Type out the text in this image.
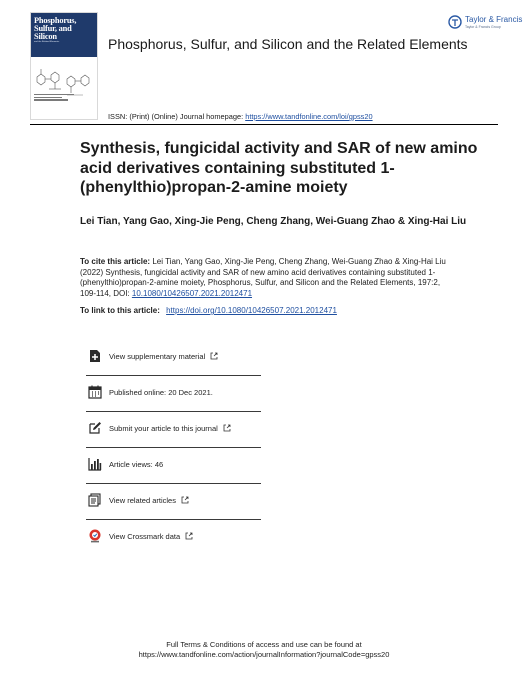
Phosphorus,
Sulfur, and
Silicon
and the Related Elements	Phosphorus, Sulfur, and Silicon and the Related Elements
Taylor & Francis
Taylor & Francis Group
ISSN: (Print) (Online) Journal homepage: https://www.tandfonline.com/loi/gpss20
Synthesis, fungicidal activity and SAR of new amino acid derivatives containing substituted 1-(phenylthio)propan-2-amine moiety
Lei Tian, Yang Gao, Xing-Jie Peng, Cheng Zhang, Wei-Guang Zhao & Xing-Hai Liu
To cite this article: Lei Tian, Yang Gao, Xing-Jie Peng, Cheng Zhang, Wei-Guang Zhao & Xing-Hai Liu (2022) Synthesis, fungicidal activity and SAR of new amino acid derivatives containing substituted 1-(phenylthio)propan-2-amine moiety, Phosphorus, Sulfur, and Silicon and the Related Elements, 197:2, 109-114, DOI: 10.1080/10426507.2021.2012471
To link to this article: https://doi.org/10.1080/10426507.2021.2012471
View supplementary material
Published online: 20 Dec 2021.
Submit your article to this journal
Article views: 46
View related articles
View Crossmark data
Full Terms & Conditions of access and use can be found at
https://www.tandfonline.com/action/journalInformation?journalCode=gpss20
